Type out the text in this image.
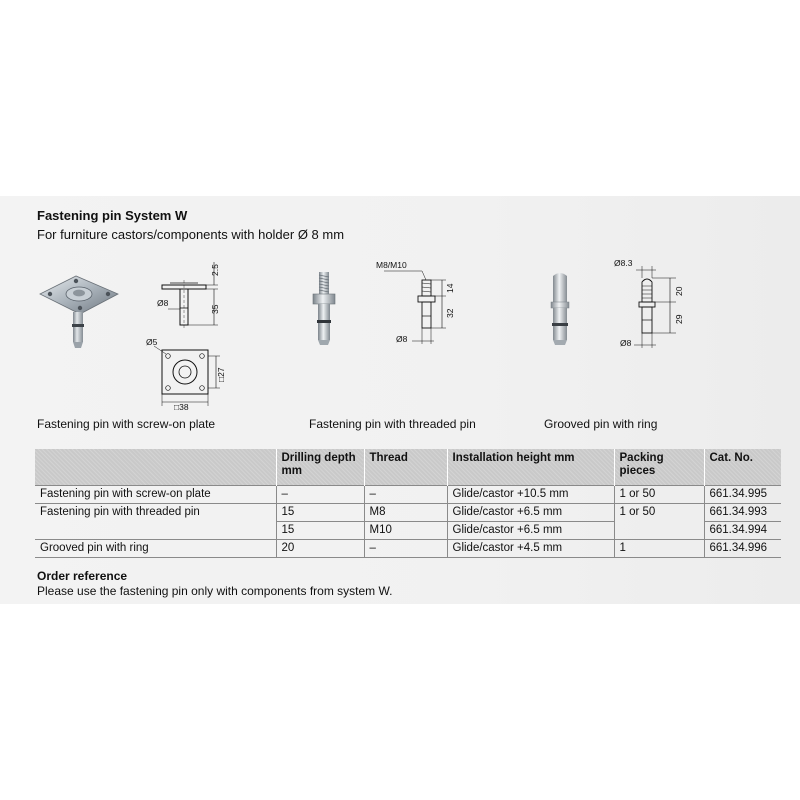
Fastening pin System W
For furniture castors/components with holder Ø 8 mm
2.5
35
Ø8
Ø5
□27
□38
Fastening pin with screw-on plate
M8/M10
14
32
Ø8
Fastening pin with threaded pin
Ø8.3
20
29
Ø8
Grooved pin with ring
	Drilling depth mm	Thread	Installation height mm	Packing pieces	Cat. No.
Fastening pin with screw-on plate	–	–	Glide/castor +10.5 mm	1 or 50	661.34.995
Fastening pin with threaded pin	15	M8	Glide/castor +6.5 mm	1 or 50	661.34.993
	15	M10	Glide/castor +6.5 mm		661.34.994
Grooved pin with ring	20	–	Glide/castor +4.5 mm	1	661.34.996
Order reference
Please use the fastening pin only with components from system W.
